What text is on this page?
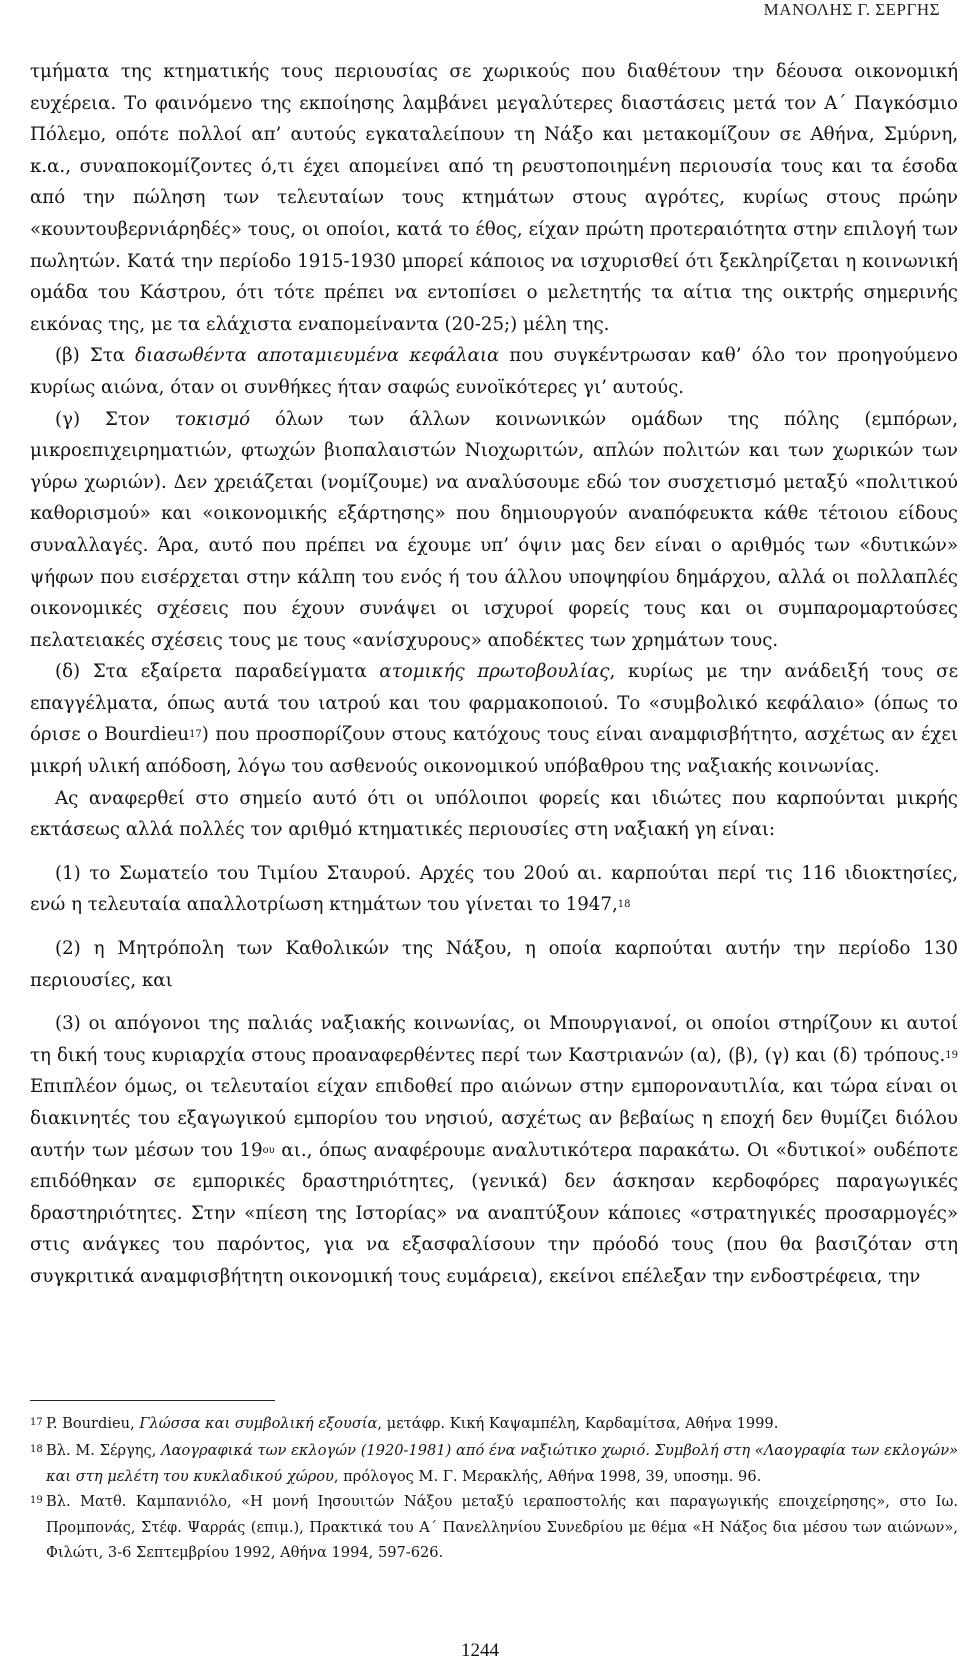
ΜΑΝΟΛΗΣ Γ. ΣΕΡΓΗΣ

τμήματα της κτηματικής τους περιουσίας σε χωρικούς που διαθέτουν την δέουσα οικονομική ευχέρεια. Το φαινόμενο της εκποίησης λαμβάνει μεγαλύτερες διαστάσεις μετά τον Α΄ Παγκόσμιο Πόλεμο, οπότε πολλοί απ’ αυτούς εγκαταλείπουν τη Νάξο και μετακομίζουν σε Αθήνα, Σμύρνη, κ.α., συναποκομίζοντες ό,τι έχει απομείνει από τη ρευστοποιημένη περιουσία τους και τα έσοδα από την πώληση των τελευταίων τους κτημάτων στους αγρότες, κυρίως στους πρώην «κουντουβερνιάρηδές» τους, οι οποίοι, κατά το έθος, είχαν πρώτη προτεραιότητα στην επιλογή των πωλητών. Κατά την περίοδο 1915-1930 μπορεί κάποιος να ισχυρισθεί ότι ξεκληρίζεται η κοινωνική ομάδα του Κάστρου, ότι τότε πρέπει να εντοπίσει ο μελετητής τα αίτια της οικτρής σημερινής εικόνας της, με τα ελάχιστα εναπομείναντα (20-25;) μέλη της.

(β) Στα διασωθέντα αποταμιευμένα κεφάλαια που συγκέντρωσαν καθ’ όλο τον προηγούμενο κυρίως αιώνα, όταν οι συνθήκες ήταν σαφώς ευνοϊκότερες γι’ αυτούς.

(γ) Στον τοκισμό όλων των άλλων κοινωνικών ομάδων της πόλης (εμπόρων, μικροεπιχειρηματιών, φτωχών βιοπαλαιστών Νιοχωριτών, απλών πολιτών και των χωρικών των γύρω χωριών). Δεν χρειάζεται (νομίζουμε) να αναλύσουμε εδώ τον συσχετισμό μεταξύ «πολιτικού καθορισμού» και «οικονομικής εξάρτησης» που δημιουργούν αναπόφευκτα κάθε τέτοιου είδους συναλλαγές. Άρα, αυτό που πρέπει να έχουμε υπ’ όψιν μας δεν είναι ο αριθμός των «δυτικών» ψήφων που εισέρχεται στην κάλπη του ενός ή του άλλου υποψηφίου δημάρχου, αλλά οι πολλαπλές οικονομικές σχέσεις που έχουν συνάψει οι ισχυροί φορείς τους και οι συμπαρομαρτούσες πελατειακές σχέσεις τους με τους «ανίσχυρους» αποδέκτες των χρημάτων τους.

(δ) Στα εξαίρετα παραδείγματα ατομικής πρωτοβουλίας, κυρίως με την ανάδειξή τους σε επαγγέλματα, όπως αυτά του ιατρού και του φαρμακοποιού. Το «συμβολικό κεφάλαιο» (όπως το όρισε ο Bourdieu$^{17}$) που προσπορίζουν στους κατόχους τους είναι αναμφισβήτητο, ασχέτως αν έχει μικρή υλική απόδοση, λόγω του ασθενούς οικονομικού υπόβαθρου της ναξιακής κοινωνίας.

Ας αναφερθεί στο σημείο αυτό ότι οι υπόλοιποι φορείς και ιδιώτες που καρπούνται μικρής εκτάσεως αλλά πολλές τον αριθμό κτηματικές περιουσίες στη ναξιακή γη είναι:

(1) το Σωματείο του Τιμίου Σταυρού. Αρχές του 20ού αι. καρπούται περί τις 116 ιδιοκτησίες, ενώ η τελευταία απαλλοτρίωση κτημάτων του γίνεται το 1947,18

(2) η Μητρόπολη των Καθολικών της Νάξου, η οποία καρπούται αυτήν την περίοδο 130 περιουσίες, και

(3) οι απόγονοι της παλιάς ναξιακής κοινωνίας, οι Μπουργιανοί, οι οποίοι στηρίζουν κι αυτοί τη δική τους κυριαρχία στους προαναφερθέντες περί των Καστριανών (α), (β), (γ) και (δ) τρόπους.$^{19}$ Επιπλέον όμως, οι τελευταίοι είχαν επιδοθεί προ αιώνων στην εμποροναυτιλία, και τώρα είναι οι διακινητές του εξαγωγικού εμπορίου του νησιού, ασχέτως αν βεβαίως η εποχή δεν θυμίζει διόλου αυτήν των μέσων του $19^{o\upsilon}$ αι., όπως αναφέρουμε αναλυτικότερα παρακάτω. Οι «δυτικοί» ουδέποτε επιδόθηκαν σε εμπορικές δραστηριότητες, (γενικά) δεν άσκησαν κερδοφόρες παραγωγικές δραστηριότητες. Στην «πίεση της Ιστορίας» να αναπτύξουν κάποιες «στρατηγικές προσαρμογές» στις ανάγκες του παρόντος, για να εξασφαλίσουν την πρόοδό τους (που θα βασιζόταν στη συγκριτικά αναμφισβήτητη οικονομική τους ευμάρεια), εκείνοι επέλεξαν την ενδοστρέφεια, την

17 P. Bourdieu, Γλώσσα και συμβολική εξουσία, μετάφρ. Κική Καψαμπέλη, Καρδαμίτσα, Αθήνα 1999.

18 Βλ. Μ. Σέργης, Λαογραφικά των εκλογών (1920-1981) από ένα ναξιώτικο χωριό. Συμβολή στη «Λαογραφία των εκλογών» και στη μελέτη του κυκλαδικού χώρου, πρόλογος Μ. Γ. Μερακλής, Αθήνα 1998, 39, υποσημ. 96.

19 Βλ. Ματθ. Καμπανιόλο, «Η μονή Ιησουιτών Νάξου μεταξύ ιεραποστολής και παραγωγικής εποιχείρησης», στο Ιω. Προμπονάς, Στέφ. Ψαρράς (επιμ.), Πρακτικά του Α΄ Πανελληνίου Συνεδρίου με θέμα «Η Νάξος δια μέσου των αιώνων», Φιλώτι, 3-6 Σεπτεμβρίου 1992, Αθήνα 1994, 597-626.

1244
